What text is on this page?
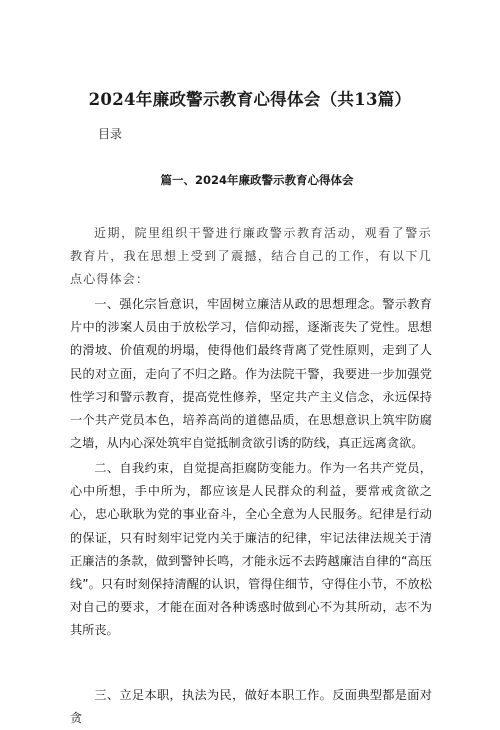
2024年廉政警示教育心得体会（共13篇）

目录

篇一、2024年廉政警示教育心得体会

近期，院里组织干警进行廉政警示教育活动，观看了警示教育片，我在思想上受到了震撼，结合自己的工作，有以下几点心得体会：

一、强化宗旨意识，牢固树立廉洁从政的思想理念。警示教育片中的涉案人员由于放松学习，信仰动摇，逐渐丧失了党性。思想的滑坡、价值观的坍塌，使得他们最终背离了党性原则，走到了人民的对立面，走向了不归之路。作为法院干警，我要进一步加强党性学习和警示教育，提高党性修养，坚定共产主义信念，永远保持一个共产党员本色，培养高尚的道德品质，在思想意识上筑牢防腐之墙，从内心深处筑牢自觉抵制贪欲引诱的防线，真正远离贪欲。

二、自我约束，自觉提高拒腐防变能力。作为一名共产党员，心中所想，手中所为，都应该是人民群众的利益，要常戒贪欲之心，忠心耿耿为党的事业奋斗，全心全意为人民服务。纪律是行动的保证，只有时刻牢记党内关于廉洁的纪律，牢记法律法规关于清正廉洁的条款，做到警钟长鸣，才能永远不去跨越廉洁自律的“高压线”。只有时刻保持清醒的认识，管得住细节，守得住小节，不放松对自己的要求，才能在面对各种诱惑时做到心不为其所动，志不为其所丧。

三、立足本职，执法为民，做好本职工作。反面典型都是面对贪
